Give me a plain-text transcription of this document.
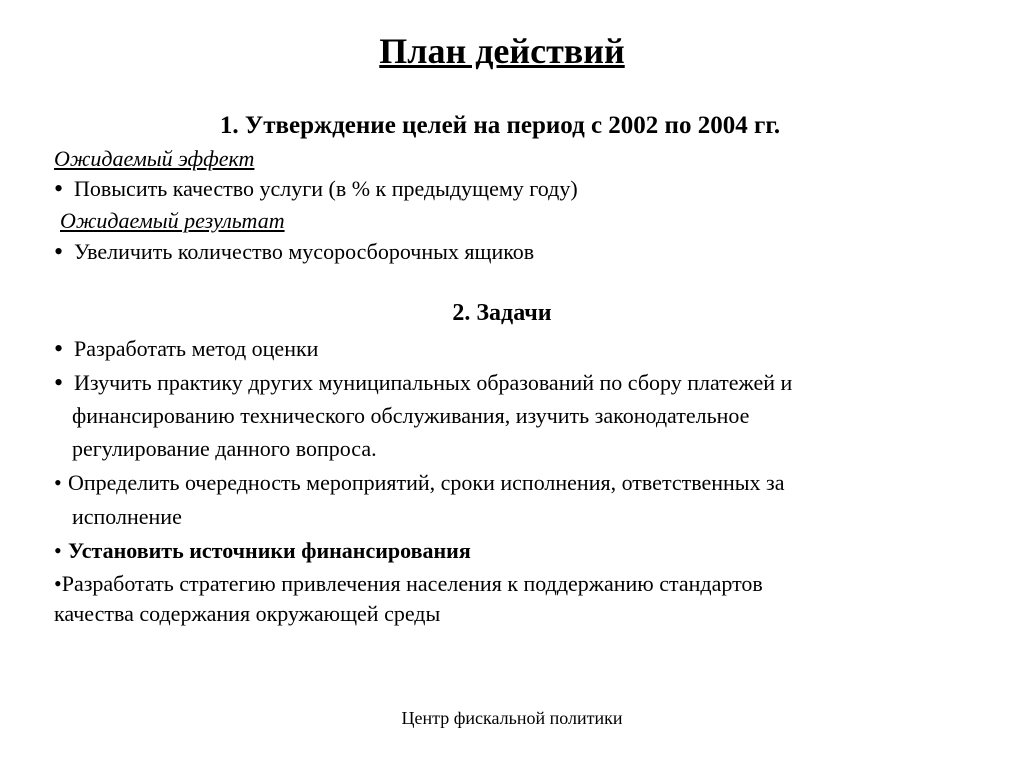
План действий
1. Утверждение целей на период с 2002 по 2004 гг.
Ожидаемый эффект
• Повысить качество услуги (в % к предыдущему году)
Ожидаемый результат
• Увеличить количество мусоросборочных ящиков
2. Задачи
• Разработать метод оценки
• Изучить практику других муниципальных образований по сбору платежей и
финансированию технического обслуживания, изучить законодательное
регулирование данного вопроса.
• Определить очередность мероприятий, сроки исполнения, ответственных за
исполнение
• Установить источники финансирования
•Разработать стратегию привлечения населения к поддержанию стандартов
качества содержания окружающей среды
Центр фискальной политики
